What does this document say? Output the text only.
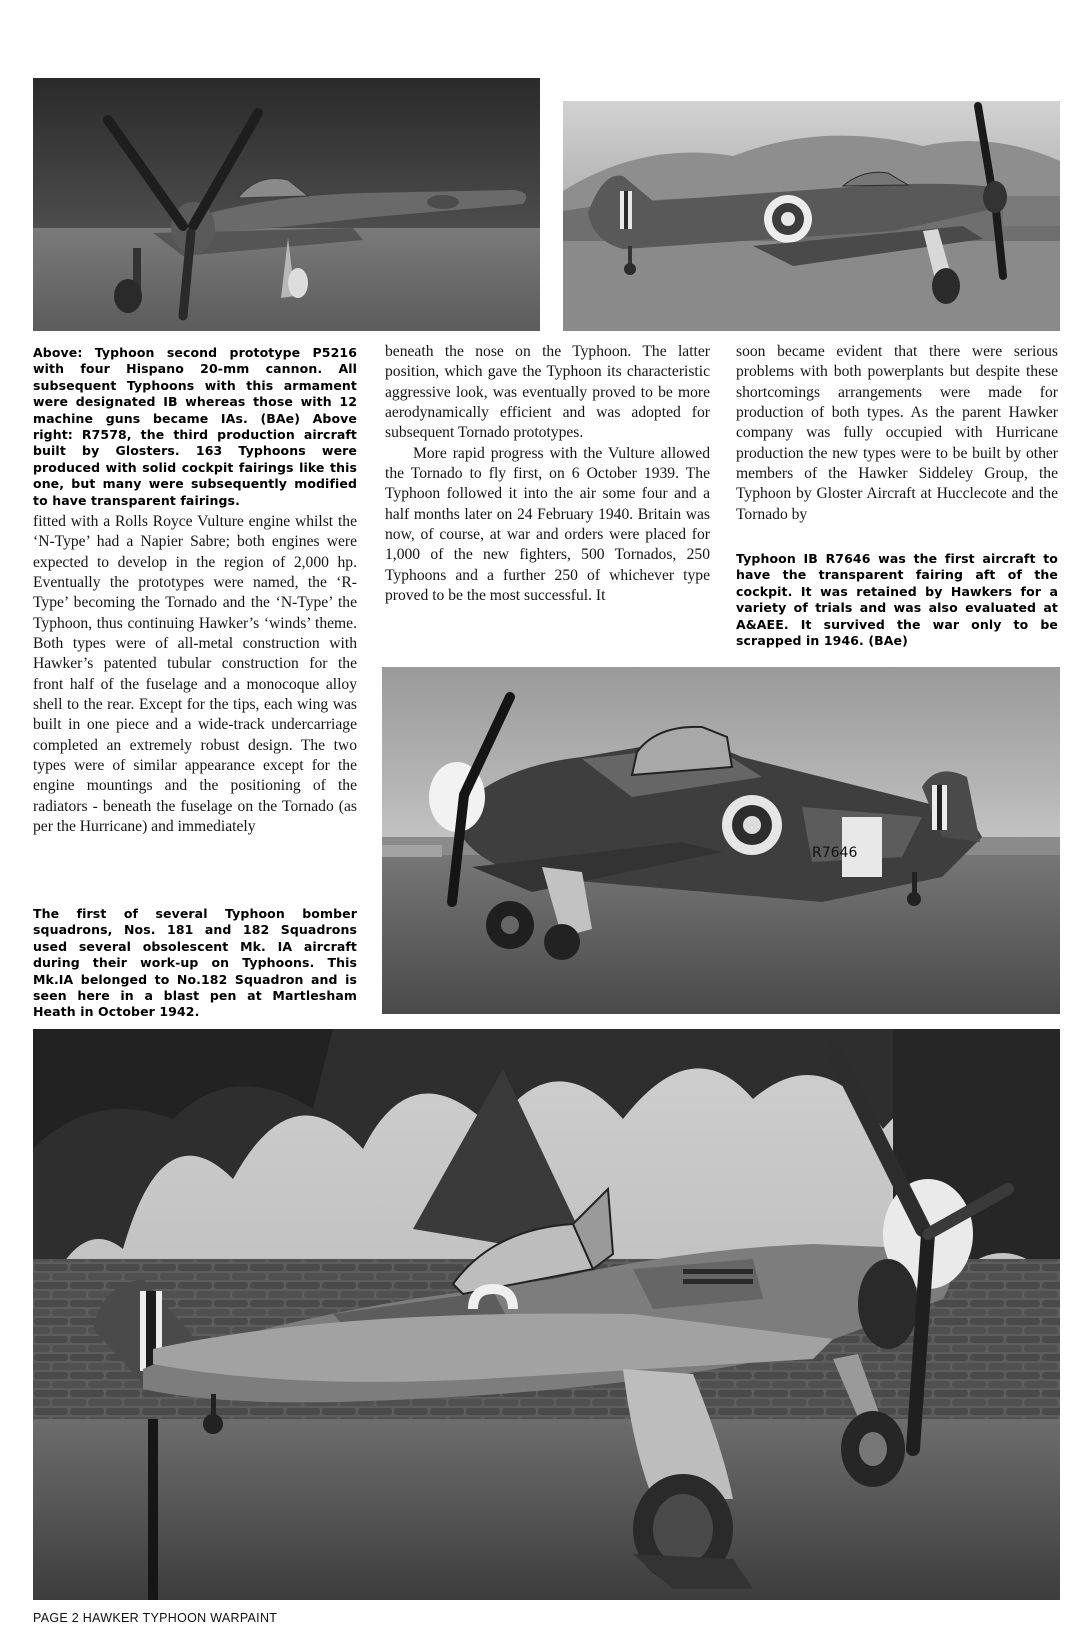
R7646
Above: Typhoon second prototype P5216 with four Hispano 20-mm cannon. All subsequent Typhoons with this armament were designated IB whereas those with 12 machine guns became IAs. (BAe) Above right: R7578, the third production aircraft built by Glosters. 163 Typhoons were produced with solid cockpit fairings like this one, but many were subsequently modified to have transparent fairings.
Typhoon IB R7646 was the first aircraft to have the transparent fairing aft of the cockpit. It was retained by Hawkers for a variety of trials and was also evaluated at A&AEE. It survived the war only to be scrapped in 1946. (BAe)
The first of several Typhoon bomber squadrons, Nos. 181 and 182 Squadrons used several obsolescent Mk. IA aircraft during their work-up on Typhoons. This Mk.IA belonged to No.182 Squadron and is seen here in a blast pen at Martlesham Heath in October 1942.

fitted with a Rolls Royce Vulture engine whilst the ‘N-Type’ had a Napier Sabre; both engines were expected to develop in the region of 2,000 hp. Eventually the prototypes were named, the ‘R-Type’ becoming the Tornado and the ‘N-Type’ the Typhoon, thus continuing Hawker’s ‘winds’ theme. Both types were of all-metal construction with Hawker’s patented tubular construction for the front half of the fuselage and a monocoque alloy shell to the rear. Except for the tips, each wing was built in one piece and a wide-track undercarriage completed an extremely robust design. The two types were of similar appearance except for the engine mountings and the positioning of the radiators - beneath the fuselage on the Tornado (as per the Hurricane) and immediately

beneath the nose on the Typhoon. The latter position, which gave the Typhoon its characteristic aggressive look, was eventually proved to be more aerodynamically efficient and was adopted for subsequent Tornado prototypes.

More rapid progress with the Vulture allowed the Tornado to fly first, on 6 October 1939. The Typhoon followed it into the air some four and a half months later on 24 February 1940. Britain was now, of course, at war and orders were placed for 1,000 of the new fighters, 500 Tornados, 250 Typhoons and a further 250 of whichever type proved to be the most successful. It

soon became evident that there were serious problems with both powerplants but despite these shortcomings arrangements were made for production of both types. As the parent Hawker company was fully occupied with Hurricane production the new types were to be built by other members of the Hawker Siddeley Group, the Typhoon by Gloster Aircraft at Hucclecote and the Tornado by

PAGE 2 HAWKER TYPHOON WARPAINT
